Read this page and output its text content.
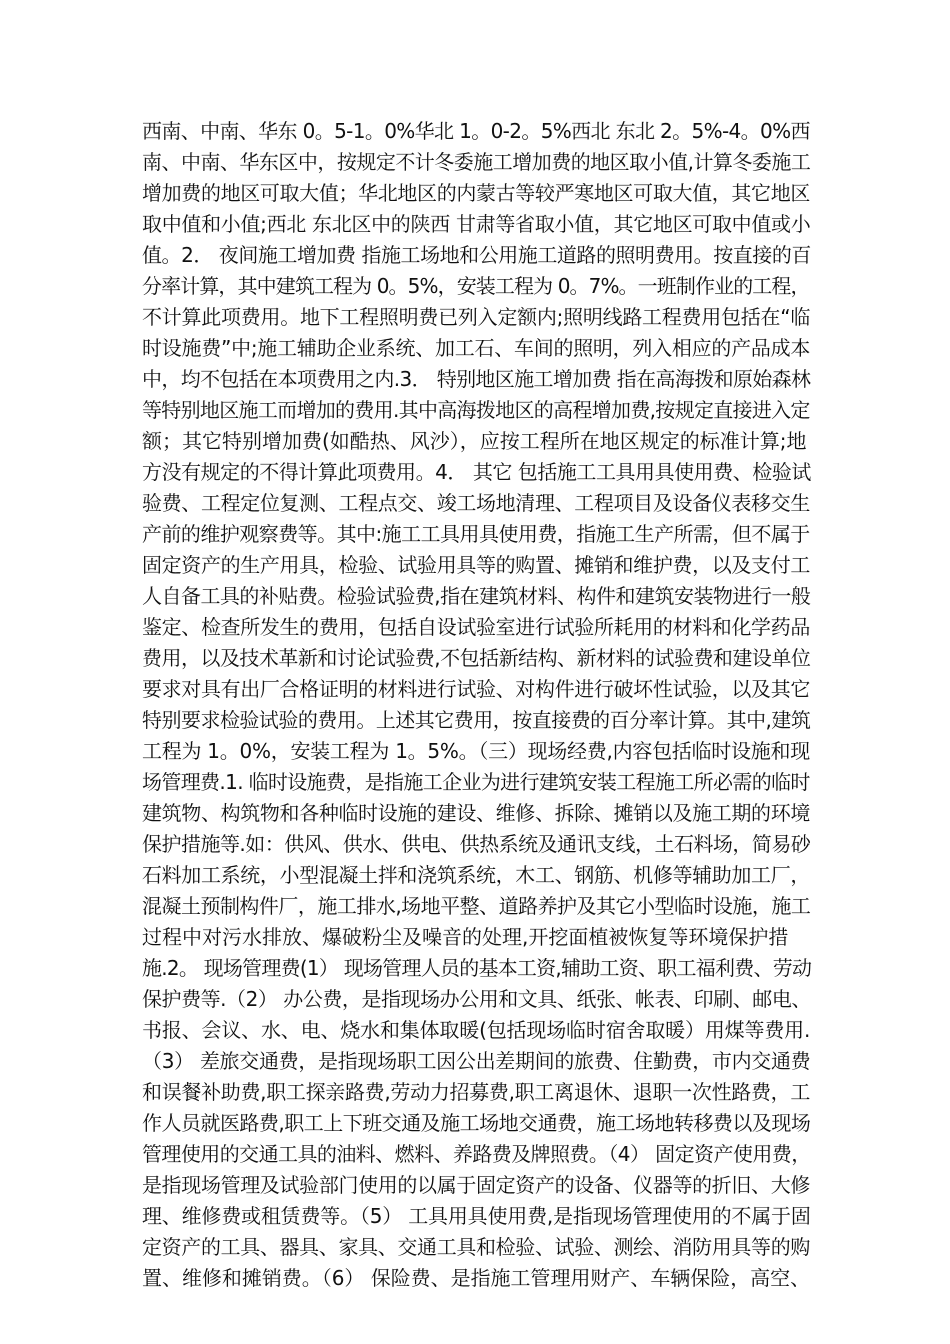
西南、中南、华东 0。5-1。0%华北 1。0-2。5%西北 东北 2。5%-4。0%西
南、中南、华东区中，按规定不计冬委施工增加费的地区取小值,计算冬委施工
增加费的地区可取大值；华北地区的内蒙古等较严寒地区可取大值，其它地区
取中值和小值;西北 东北区中的陕西 甘肃等省取小值，其它地区可取中值或小
值。2． 夜间施工增加费 指施工场地和公用施工道路的照明费用。按直接的百
分率计算，其中建筑工程为 0。5%，安装工程为 0。7%。一班制作业的工程，
不计算此项费用。地下工程照明费已列入定额内;照明线路工程费用包括在“临
时设施费”中;施工辅助企业系统、加工石、车间的照明，列入相应的产品成本
中，均不包括在本项费用之内.3． 特别地区施工增加费 指在高海拨和原始森林
等特别地区施工而增加的费用.其中高海拨地区的高程增加费,按规定直接进入定
额；其它特别增加费(如酷热、风沙），应按工程所在地区规定的标准计算;地
方没有规定的不得计算此项费用。4． 其它 包括施工工具用具使用费、检验试
验费、工程定位复测、工程点交、竣工场地清理、工程项目及设备仪表移交生
产前的维护观察费等。其中:施工工具用具使用费，指施工生产所需，但不属于
固定资产的生产用具，检验、试验用具等的购置、摊销和维护费，以及支付工
人自备工具的补贴费。检验试验费,指在建筑材料、构件和建筑安装物进行一般
鉴定、检查所发生的费用，包括自设试验室进行试验所耗用的材料和化学药品
费用，以及技术革新和讨论试验费,不包括新结构、新材料的试验费和建设单位
要求对具有出厂合格证明的材料进行试验、对构件进行破坏性试验，以及其它
特别要求检验试验的费用。上述其它费用，按直接费的百分率计算。其中,建筑
工程为 1。0%，安装工程为 1。5%。（三）现场经费,内容包括临时设施和现
场管理费.1. 临时设施费，是指施工企业为进行建筑安装工程施工所必需的临时
建筑物、构筑物和各种临时设施的建设、维修、拆除、摊销以及施工期的环境
保护措施等.如：供风、供水、供电、供热系统及通讯支线，土石料场，简易砂
石料加工系统，小型混凝土拌和浇筑系统，木工、钢筋、机修等辅助加工厂，
混凝土预制构件厂，施工排水,场地平整、道路养护及其它小型临时设施，施工
过程中对污水排放、爆破粉尘及噪音的处理,开挖面植被恢复等环境保护措
施.2。 现场管理费(1） 现场管理人员的基本工资,辅助工资、职工福利费、劳动
保护费等.（2） 办公费，是指现场办公用和文具、纸张、帐表、印刷、邮电、
书报、会议、水、电、烧水和集体取暖(包括现场临时宿舍取暖）用煤等费用.
（3） 差旅交通费，是指现场职工因公出差期间的旅费、住勤费，市内交通费
和误餐补助费,职工探亲路费,劳动力招募费,职工离退休、退职一次性路费，工
作人员就医路费,职工上下班交通及施工场地交通费，施工场地转移费以及现场
管理使用的交通工具的油料、燃料、养路费及牌照费。（4） 固定资产使用费，
是指现场管理及试验部门使用的以属于固定资产的设备、仪器等的折旧、大修
理、维修费或租赁费等。（5） 工具用具使用费,是指现场管理使用的不属于固
定资产的工具、器具、家具、交通工具和检验、试验、测绘、消防用具等的购
置、维修和摊销费。（6） 保险费、是指施工管理用财产、车辆保险，高空、
